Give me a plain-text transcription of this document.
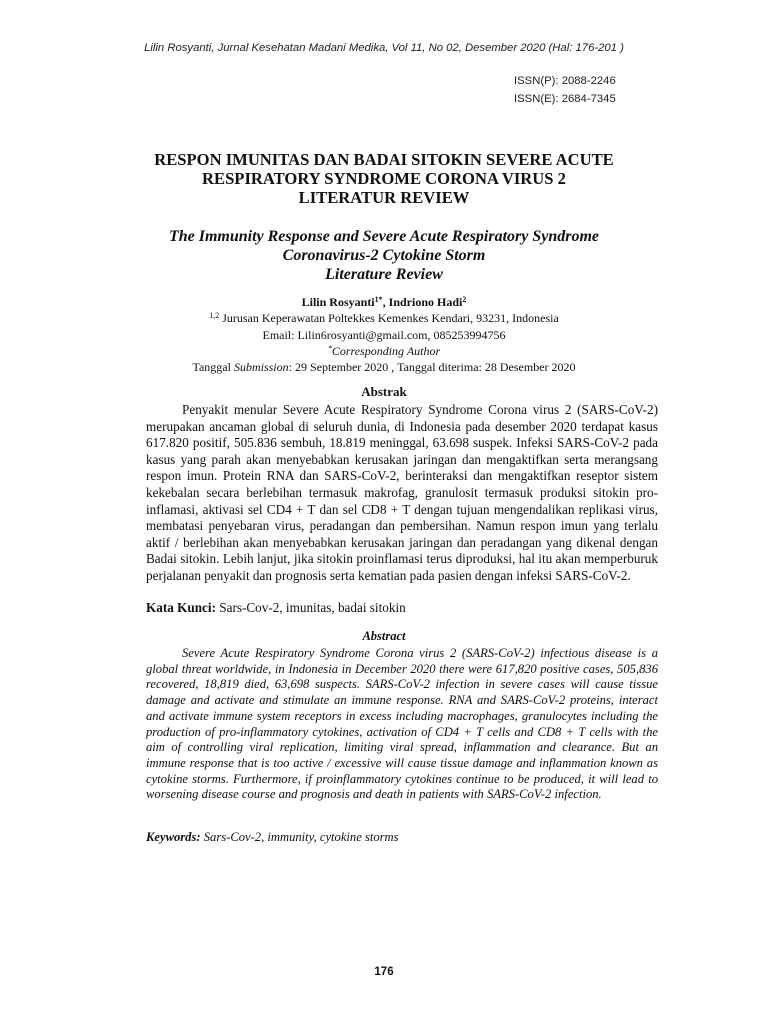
Lilin Rosyanti, Jurnal Kesehatan Madani Medika, Vol 11, No 02, Desember 2020 (Hal: 176-201 )
ISSN(P): 2088-2246
ISSN(E): 2684-7345
RESPON IMUNITAS DAN BADAI SITOKIN SEVERE ACUTE
RESPIRATORY SYNDROME CORONA VIRUS 2
LITERATUR REVIEW
The Immunity Response and Severe Acute Respiratory Syndrome
Coronavirus-2 Cytokine Storm
Literature Review
Lilin Rosyanti$^{1*}$, Indriono Hadi$^2$
$^{1,2}$ Jurusan Keperawatan Poltekkes Kemenkes Kendari, 93231, Indonesia
Email: Lilin6rosyanti@gmail.com, 085253994756
*Corresponding Author
Tanggal Submission: 29 September 2020 , Tanggal diterima: 28 Desember 2020
Abstrak

Penyakit menular Severe Acute Respiratory Syndrome Corona virus 2 (SARS-CoV-2) merupakan ancaman global di seluruh dunia, di Indonesia pada desember 2020 terdapat kasus 617.820 positif, 505.836 sembuh, 18.819 meninggal, 63.698 suspek. Infeksi SARS-CoV-2 pada kasus yang parah akan menyebabkan kerusakan jaringan dan mengaktifkan serta merangsang respon imun. Protein RNA dan SARS-CoV-2, berinteraksi dan mengaktifkan reseptor sistem kekebalan secara berlebihan termasuk makrofag, granulosit termasuk produksi sitokin pro-inflamasi, aktivasi sel CD4 + T dan sel CD8 + T dengan tujuan mengendalikan replikasi virus, membatasi penyebaran virus, peradangan dan pembersihan. Namun respon imun yang terlalu aktif / berlebihan akan menyebabkan kerusakan jaringan dan peradangan yang dikenal dengan Badai sitokin. Lebih lanjut, jika sitokin proinflamasi terus diproduksi, hal itu akan memperburuk perjalanan penyakit dan prognosis serta kematian pada pasien dengan infeksi SARS-CoV-2.

Kata Kunci: Sars-Cov-2, imunitas, badai sitokin
Abstract

Severe Acute Respiratory Syndrome Corona virus 2 (SARS-CoV-2) infectious disease is a global threat worldwide, in Indonesia in December 2020 there were 617,820 positive cases, 505,836 recovered, 18,819 died, 63,698 suspects. SARS-CoV-2 infection in severe cases will cause tissue damage and activate and stimulate an immune response. RNA and SARS-CoV-2 proteins, interact and activate immune system receptors in excess including macrophages, granulocytes including the production of pro-inflammatory cytokines, activation of CD4 + T cells and CD8 + T cells with the aim of controlling viral replication, limiting viral spread, inflammation and clearance. But an immune response that is too active / excessive will cause tissue damage and inflammation known as cytokine storms. Furthermore, if proinflammatory cytokines continue to be produced, it will lead to worsening disease course and prognosis and death in patients with SARS-CoV-2 infection.

Keywords: Sars-Cov-2, immunity, cytokine storms
176
